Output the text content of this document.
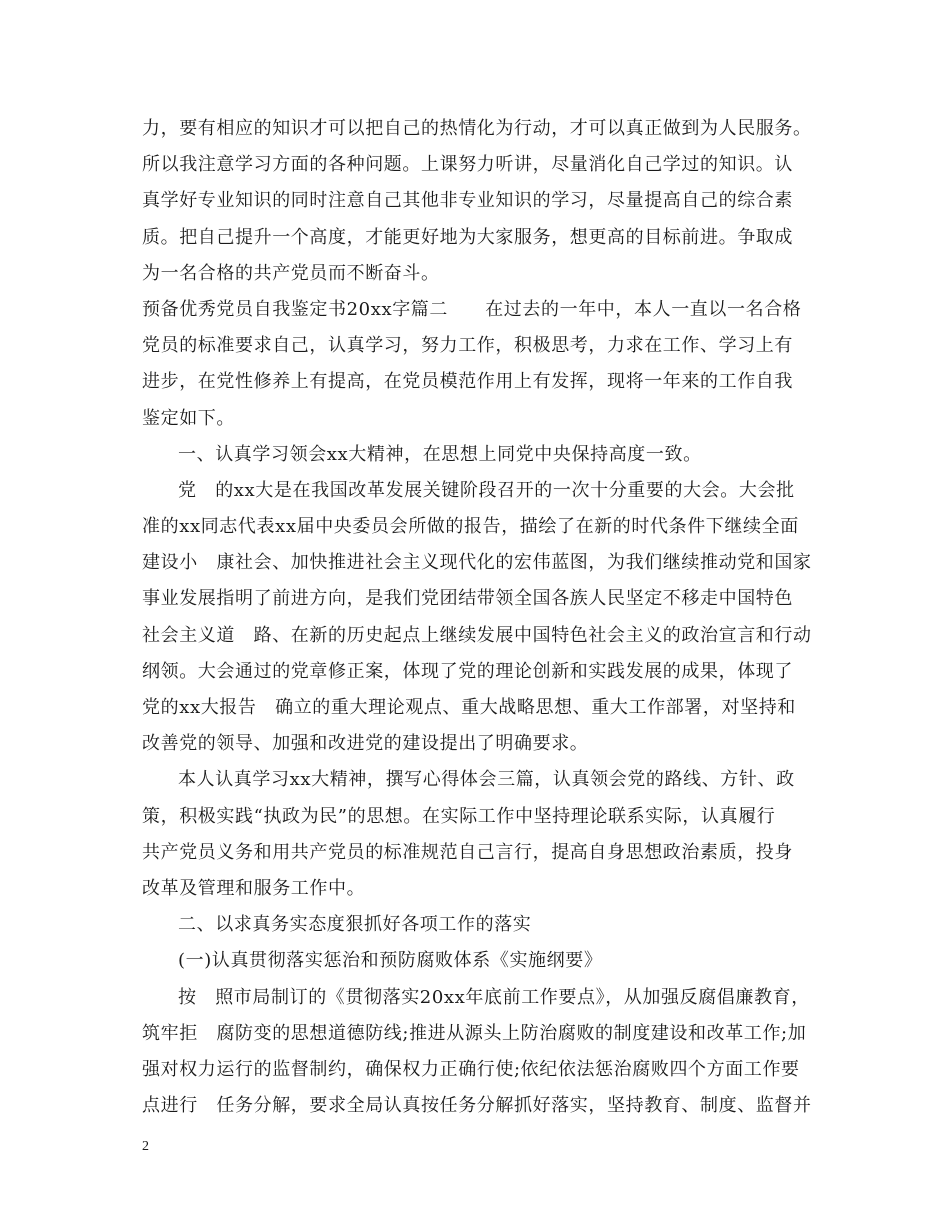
力，要有相应的知识才可以把自己的热情化为行动，才可以真正做到为人民服务。
所以我注意学习方面的各种问题。上课努力听讲，尽量消化自己学过的知识。认
真学好专业知识的同时注意自己其他非专业知识的学习，尽量提高自己的综合素
质。把自己提升一个高度，才能更好地为大家服务，想更高的目标前进。争取成
为一名合格的共产党员而不断奋斗。
预备优秀党员自我鉴定书20xx字篇二　　在过去的一年中，本人一直以一名合格
党员的标准要求自己，认真学习，努力工作，积极思考，力求在工作、学习上有
进步，在党性修养上有提高，在党员模范作用上有发挥，现将一年来的工作自我
鉴定如下。
一、认真学习领会xx大精神，在思想上同党中央保持高度一致。
党　的xx大是在我国改革发展关键阶段召开的一次十分重要的大会。大会批
准的xx同志代表xx届中央委员会所做的报告，描绘了在新的时代条件下继续全面
建设小　康社会、加快推进社会主义现代化的宏伟蓝图，为我们继续推动党和国家
事业发展指明了前进方向，是我们党团结带领全国各族人民坚定不移走中国特色
社会主义道　路、在新的历史起点上继续发展中国特色社会主义的政治宣言和行动
纲领。大会通过的党章修正案，体现了党的理论创新和实践发展的成果，体现了
党的xx大报告　确立的重大理论观点、重大战略思想、重大工作部署，对坚持和
改善党的领导、加强和改进党的建设提出了明确要求。
本人认真学习xx大精神，撰写心得体会三篇，认真领会党的路线、方针、政
策，积极实践“执政为民”的思想。在实际工作中坚持理论联系实际，认真履行
共产党员义务和用共产党员的标准规范自己言行，提高自身思想政治素质，投身
改革及管理和服务工作中。
二、以求真务实态度狠抓好各项工作的落实
(一)认真贯彻落实惩治和预防腐败体系《实施纲要》
按　照市局制订的《贯彻落实20xx年底前工作要点》，从加强反腐倡廉教育，
筑牢拒　腐防变的思想道德防线;推进从源头上防治腐败的制度建设和改革工作;加
强对权力运行的监督制约，确保权力正确行使;依纪依法惩治腐败四个方面工作要
点进行　任务分解，要求全局认真按任务分解抓好落实，坚持教育、制度、监督并
2
